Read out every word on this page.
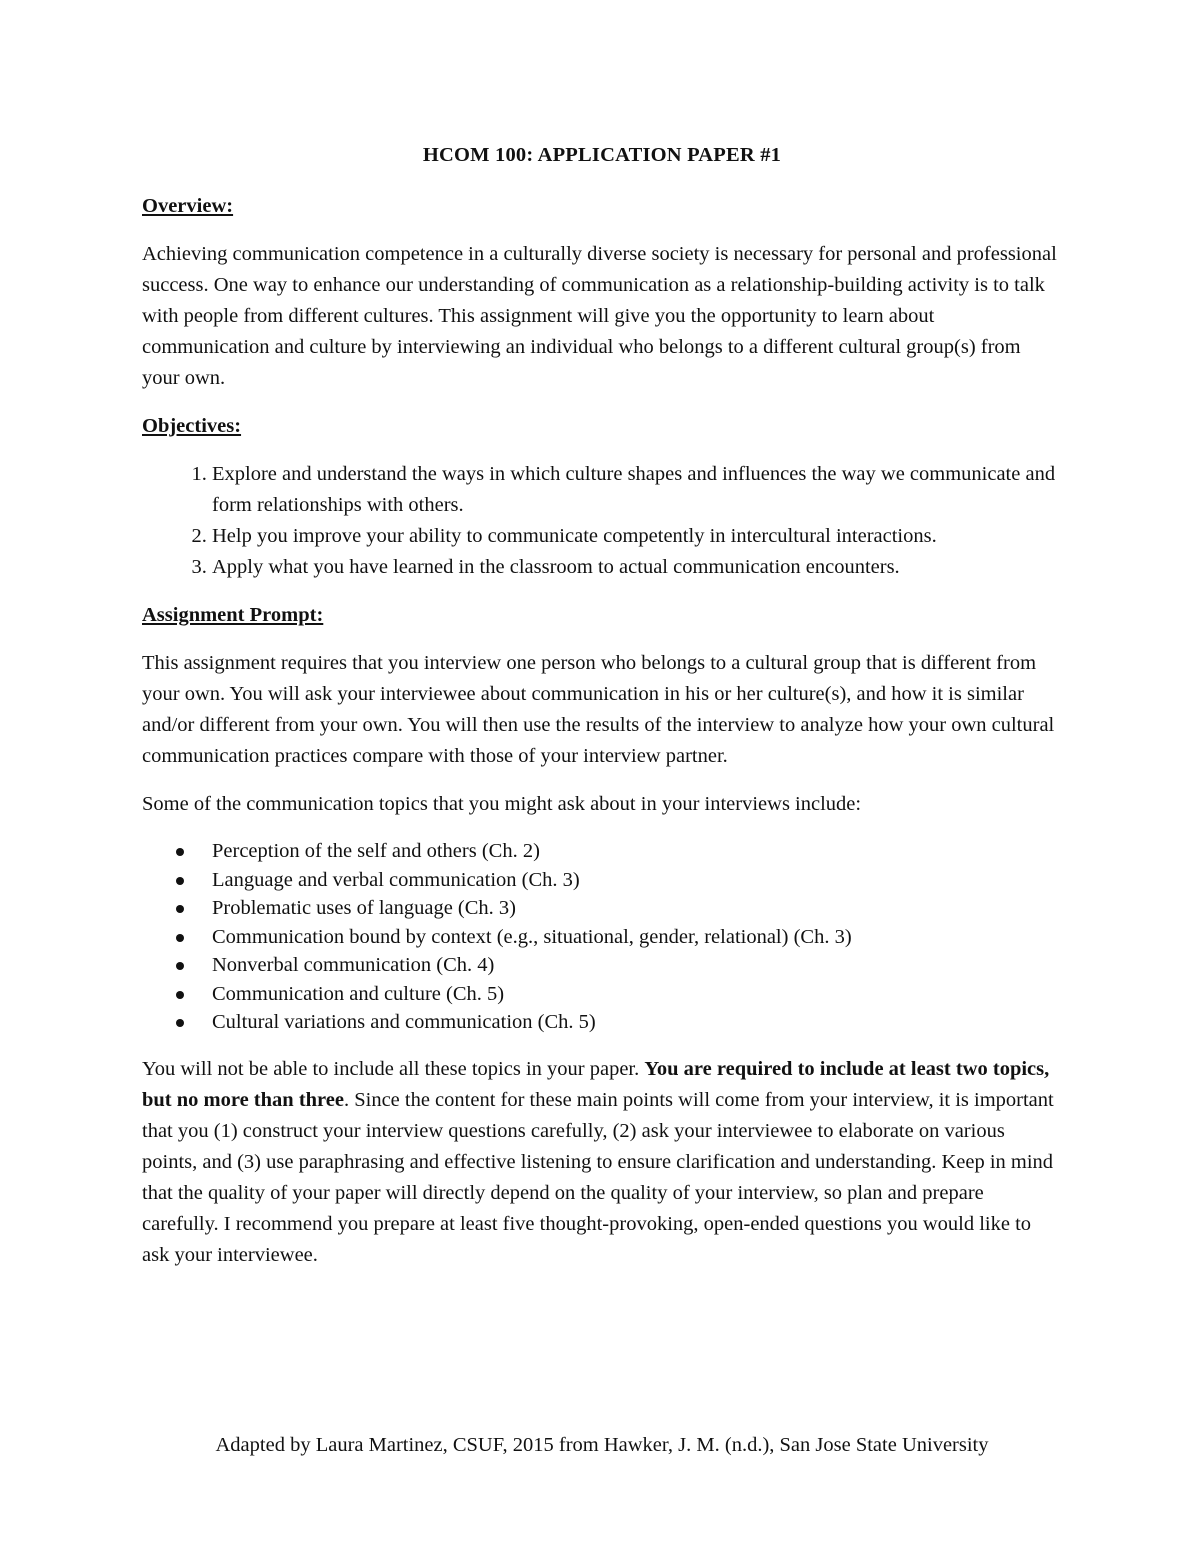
HCOM 100: APPLICATION PAPER #1
Overview:

Achieving communication competence in a culturally diverse society is necessary for personal and professional success. One way to enhance our understanding of communication as a relationship-building activity is to talk with people from different cultures. This assignment will give you the opportunity to learn about communication and culture by interviewing an individual who belongs to a different cultural group(s) from your own.

Objectives:
1. Explore and understand the ways in which culture shapes and influences the way we communicate and form relationships with others.
2. Help you improve your ability to communicate competently in intercultural interactions.
3. Apply what you have learned in the classroom to actual communication encounters.
Assignment Prompt:

This assignment requires that you interview one person who belongs to a cultural group that is different from your own. You will ask your interviewee about communication in his or her culture(s), and how it is similar and/or different from your own. You will then use the results of the interview to analyze how your own cultural communication practices compare with those of your interview partner.

Some of the communication topics that you might ask about in your interviews include:

Perception of the self and others (Ch. 2)
Language and verbal communication (Ch. 3)
Problematic uses of language (Ch. 3)
Communication bound by context (e.g., situational, gender, relational) (Ch. 3)
Nonverbal communication (Ch. 4)
Communication and culture (Ch. 5)
Cultural variations and communication (Ch. 5)

You will not be able to include all these topics in your paper. You are required to include at least two topics, but no more than three. Since the content for these main points will come from your interview, it is important that you (1) construct your interview questions carefully, (2) ask your interviewee to elaborate on various points, and (3) use paraphrasing and effective listening to ensure clarification and understanding. Keep in mind that the quality of your paper will directly depend on the quality of your interview, so plan and prepare carefully. I recommend you prepare at least five thought-provoking, open-ended questions you would like to ask your interviewee.

Adapted by Laura Martinez, CSUF, 2015 from Hawker, J. M. (n.d.), San Jose State University
